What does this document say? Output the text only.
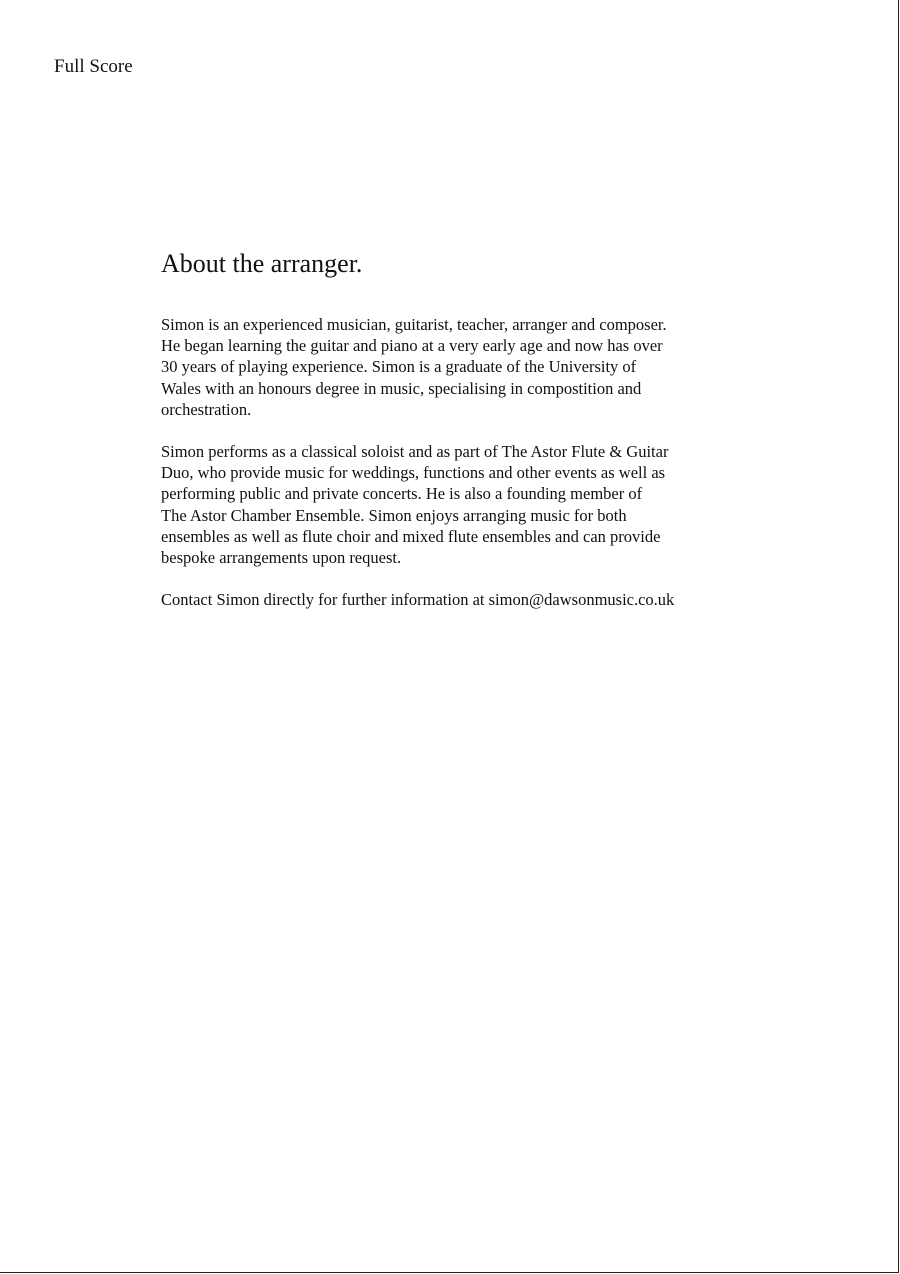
Full Score

About the arranger.

Simon is an experienced musician, guitarist, teacher, arranger and composer.
He began learning the guitar and piano at a very early age and now has over
30 years of playing experience. Simon is a graduate of the University of
Wales with an honours degree in music, specialising in compostition and
orchestration.

Simon performs as a classical soloist and as part of The Astor Flute & Guitar
Duo, who provide music for weddings, functions and other events as well as
performing public and private concerts. He is also a founding member of
The Astor Chamber Ensemble. Simon enjoys arranging music for both
ensembles as well as flute choir and mixed flute ensembles and can provide
bespoke arrangements upon request.

Contact Simon directly for further information at simon@dawsonmusic.co.uk
